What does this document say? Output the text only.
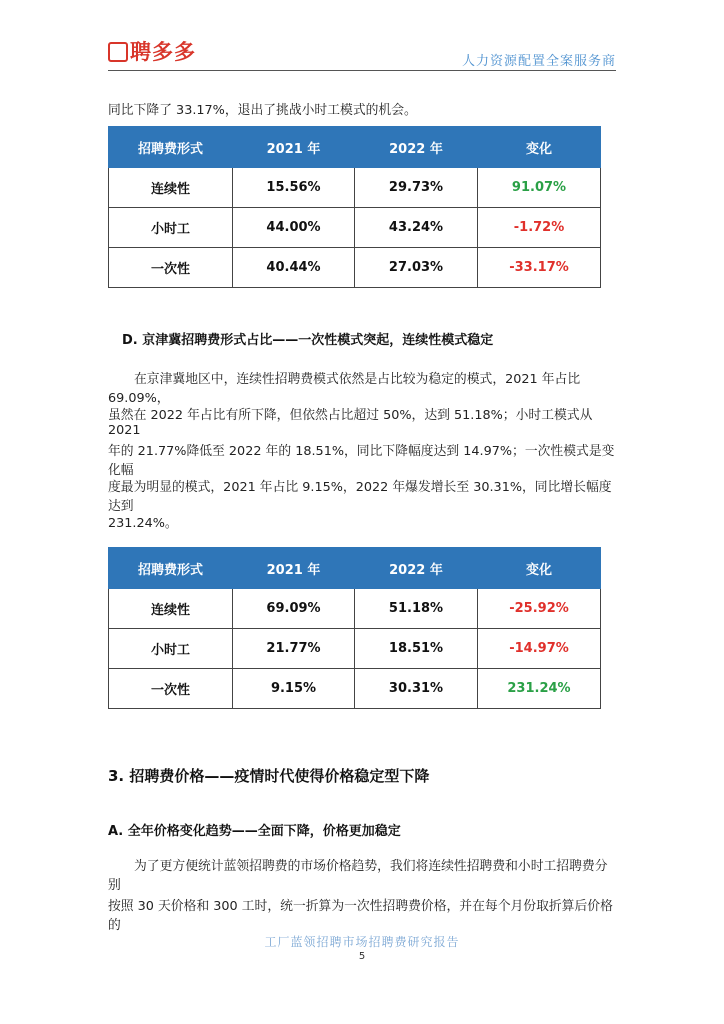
聘多多	人力资源配置全案服务商

同比下降了 33.17%，退出了挑战小时工模式的机会。

招聘费形式	2021 年	2022 年	变化
连续性	15.56%	29.73%	91.07%
小时工	44.00%	43.24%	-1.72%
一次性	40.44%	27.03%	-33.17%
D. 京津冀招聘费形式占比——一次性模式突起，连续性模式稳定

在京津冀地区中，连续性招聘费模式依然是占比较为稳定的模式，2021 年占比 69.09%，

虽然在 2022 年占比有所下降，但依然占比超过 50%，达到 51.18%；小时工模式从 2021

年的 21.77%降低至 2022 年的 18.51%，同比下降幅度达到 14.97%；一次性模式是变化幅

度最为明显的模式，2021 年占比 9.15%，2022 年爆发增长至 30.31%，同比增长幅度达到

231.24%。

招聘费形式	2021 年	2022 年	变化
连续性	69.09%	51.18%	-25.92%
小时工	21.77%	18.51%	-14.97%
一次性	9.15%	30.31%	231.24%
3. 招聘费价格——疫情时代使得价格稳定型下降
A. 全年价格变化趋势——全面下降，价格更加稳定

为了更方便统计蓝领招聘费的市场价格趋势，我们将连续性招聘费和小时工招聘费分别

按照 30 天价格和 300 工时，统一折算为一次性招聘费价格，并在每个月份取折算后价格的

工厂蓝领招聘市场招聘费研究报告
5
